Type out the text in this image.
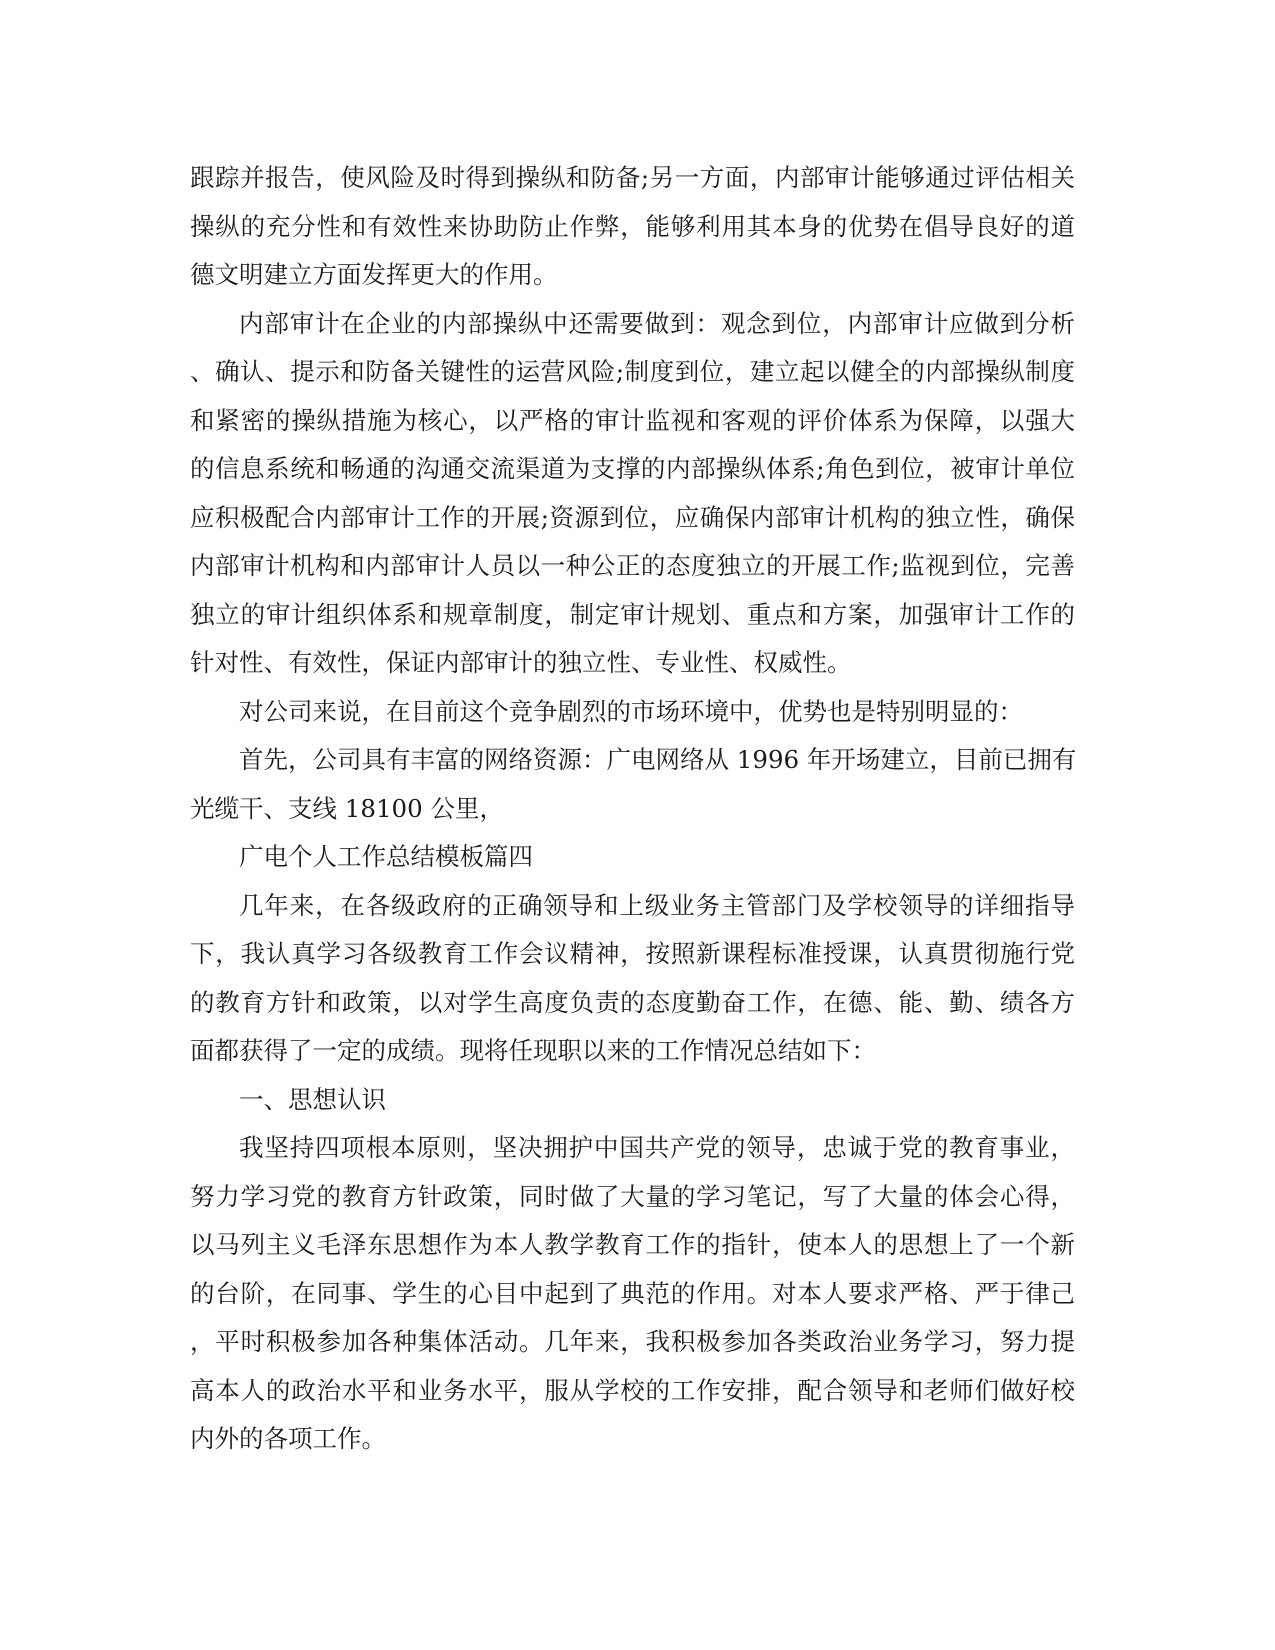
跟踪并报告，使风险及时得到操纵和防备;另一方面，内部审计能够通过评估相关
操纵的充分性和有效性来协助防止作弊，能够利用其本身的优势在倡导良好的道
德文明建立方面发挥更大的作用。
内部审计在企业的内部操纵中还需要做到：观念到位，内部审计应做到分析
、确认、提示和防备关键性的运营风险;制度到位，建立起以健全的内部操纵制度
和紧密的操纵措施为核心，以严格的审计监视和客观的评价体系为保障，以强大
的信息系统和畅通的沟通交流渠道为支撑的内部操纵体系;角色到位，被审计单位
应积极配合内部审计工作的开展;资源到位，应确保内部审计机构的独立性，确保
内部审计机构和内部审计人员以一种公正的态度独立的开展工作;监视到位，完善
独立的审计组织体系和规章制度，制定审计规划、重点和方案，加强审计工作的
针对性、有效性，保证内部审计的独立性、专业性、权威性。
对公司来说，在目前这个竞争剧烈的市场环境中，优势也是特别明显的：
首先，公司具有丰富的网络资源：广电网络从 1996 年开场建立，目前已拥有
光缆干、支线 18100 公里，
广电个人工作总结模板篇四
几年来，在各级政府的正确领导和上级业务主管部门及学校领导的详细指导
下，我认真学习各级教育工作会议精神，按照新课程标准授课，认真贯彻施行党
的教育方针和政策，以对学生高度负责的态度勤奋工作，在德、能、勤、绩各方
面都获得了一定的成绩。现将任现职以来的工作情况总结如下：
一、思想认识
我坚持四项根本原则，坚决拥护中国共产党的领导，忠诚于党的教育事业，
努力学习党的教育方针政策，同时做了大量的学习笔记，写了大量的体会心得，
以马列主义毛泽东思想作为本人教学教育工作的指针，使本人的思想上了一个新
的台阶，在同事、学生的心目中起到了典范的作用。对本人要求严格、严于律己
，平时积极参加各种集体活动。几年来，我积极参加各类政治业务学习，努力提
高本人的政治水平和业务水平，服从学校的工作安排，配合领导和老师们做好校
内外的各项工作。
